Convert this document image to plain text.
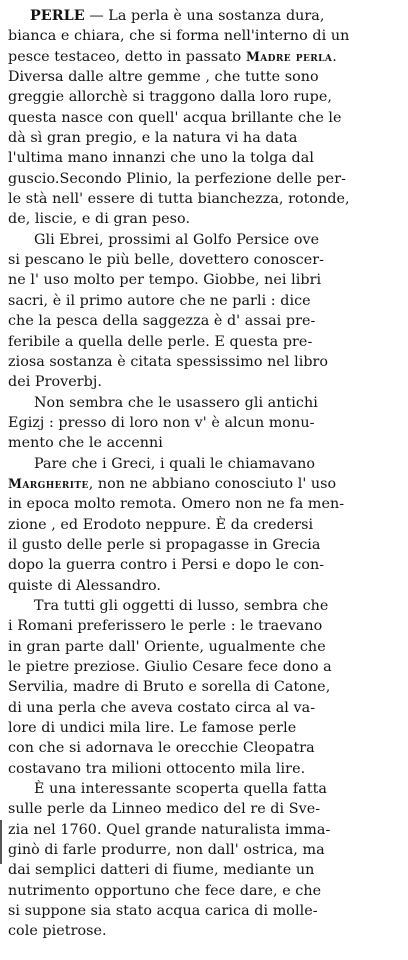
PERLE — La perla è una sostanza dura,
bianca e chiara, che si forma nell'interno di un
pesce testaceo, detto in passato Madre perla.
Diversa dalle altre gemme , che tutte sono
greggie allorchè si traggono dalla loro rupe,
questa nasce con quell' acqua brillante che le
dà sì gran pregio, e la natura vi ha data
l'ultima mano innanzi che uno la tolga dal
guscio.Secondo Plinio, la perfezione delle per-
le stà nell' essere di tutta bianchezza, rotonde,
de, liscie, e di gran peso.

Gli Ebrei, prossimi al Golfo Persice ove
si pescano le più belle, dovettero conoscer-
ne l' uso molto per tempo. Giobbe, nei libri
sacri, è il primo autore che ne parli : dice
che la pesca della saggezza è d' assai pre-
feribile a quella delle perle. E questa pre-
ziosa sostanza è citata spessissimo nel libro
dei Proverbj.

Non sembra che le usassero gli antichi
Egizj : presso di loro non v' è alcun monu-
mento che le accenni

Pare che i Greci, i quali le chiamavano
Margherite, non ne abbiano conosciuto l' uso
in epoca molto remota. Omero non ne fa men-
zione , ed Erodoto neppure. È da credersi
il gusto delle perle si propagasse in Grecia
dopo la guerra contro i Persi e dopo le con-
quiste di Alessandro.

Tra tutti gli oggetti di lusso, sembra che
i Romani preferissero le perle : le traevano
in gran parte dall' Oriente, ugualmente che
le pietre preziose. Giulio Cesare fece dono a
Servilia, madre di Bruto e sorella di Catone,
di una perla che aveva costato circa al va-
lore di undici mila lire. Le famose perle
con che si adornava le orecchie Cleopatra
costavano tra milioni ottocento mila lire.

È una interessante scoperta quella fatta
sulle perle da Linneo medico del re di Sve-
zia nel 1760. Quel grande naturalista imma-
ginò di farle produrre, non dall' ostrica, ma
dai semplici datteri di fiume, mediante un
nutrimento opportuno che fece dare, e che
si suppone sia stato acqua carica di molle-
cole pietrose.
